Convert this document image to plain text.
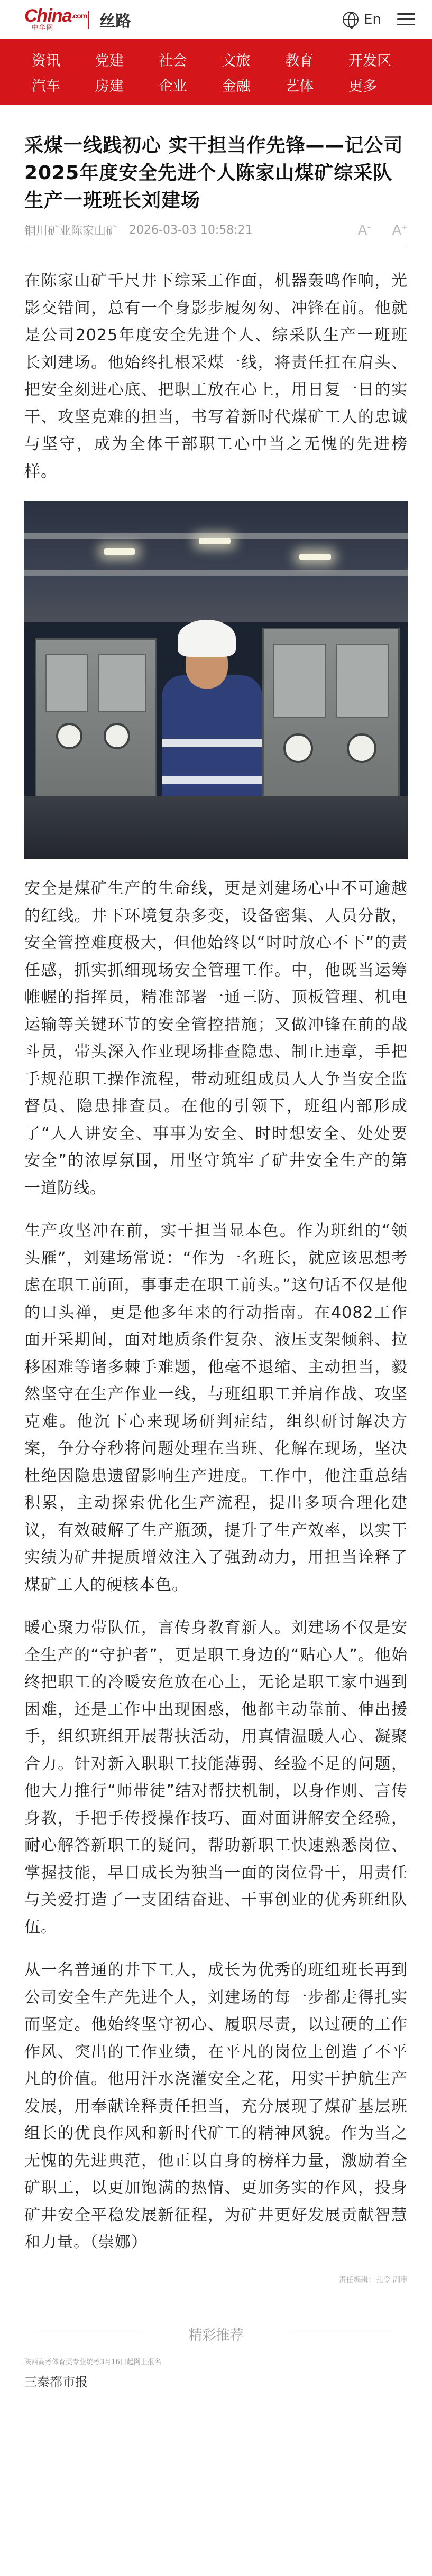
China$^{.com}$
中华网	丝路	En
资讯	党建	社会	文旅	教育	开发区
汽车	房建	企业	金融	艺体	更多
采煤一线践初心 实干担当作先锋——记公司2025年度安全先进个人陈家山煤矿综采队生产一班班长刘建场
铜川矿业陈家山矿 2026-03-03 10:58:21	A– A+

在陈家山矿千尺井下综采工作面，机器轰鸣作响，光影交错间，总有一个身影步履匆匆、冲锋在前。他就是公司2025年度安全先进个人、综采队生产一班班长刘建场。他始终扎根采煤一线，将责任扛在肩头、把安全刻进心底、把职工放在心上，用日复一日的实干、攻坚克难的担当，书写着新时代煤矿工人的忠诚与坚守，成为全体干部职工心中当之无愧的先进榜样。

安全是煤矿生产的生命线，更是刘建场心中不可逾越的红线。井下环境复杂多变，设备密集、人员分散，安全管控难度极大，但他始终以“时时放心不下”的责任感，抓实抓细现场安全管理工作。中，他既当运筹帷幄的指挥员，精准部署一通三防、顶板管理、机电运输等关键环节的安全管控措施；又做冲锋在前的战斗员，带头深入作业现场排查隐患、制止违章，手把手规范职工操作流程，带动班组成员人人争当安全监督员、隐患排查员。在他的引领下，班组内部形成了“人人讲安全、事事为安全、时时想安全、处处要安全”的浓厚氛围，用坚守筑牢了矿井安全生产的第一道防线。

生产攻坚冲在前，实干担当显本色。作为班组的“领头雁”，刘建场常说：“作为一名班长，就应该思想考虑在职工前面，事事走在职工前头。”这句话不仅是他的口头禅，更是他多年来的行动指南。在4082工作面开采期间，面对地质条件复杂、液压支架倾斜、拉移困难等诸多棘手难题，他毫不退缩、主动担当，毅然坚守在生产作业一线，与班组职工并肩作战、攻坚克难。他沉下心来现场研判症结，组织研讨解决方案，争分夺秒将问题处理在当班、化解在现场，坚决杜绝因隐患遗留影响生产进度。工作中，他注重总结积累，主动探索优化生产流程，提出多项合理化建议，有效破解了生产瓶颈，提升了生产效率，以实干实绩为矿井提质增效注入了强劲动力，用担当诠释了煤矿工人的硬核本色。

暖心聚力带队伍，言传身教育新人。刘建场不仅是安全生产的“守护者”，更是职工身边的“贴心人”。他始终把职工的冷暖安危放在心上，无论是职工家中遇到困难，还是工作中出现困惑，他都主动靠前、伸出援手，组织班组开展帮扶活动，用真情温暖人心、凝聚合力。针对新入职职工技能薄弱、经验不足的问题，他大力推行“师带徒”结对帮扶机制，以身作则、言传身教，手把手传授操作技巧、面对面讲解安全经验，耐心解答新职工的疑问，帮助新职工快速熟悉岗位、掌握技能，早日成长为独当一面的岗位骨干，用责任与关爱打造了一支团结奋进、干事创业的优秀班组队伍。

从一名普通的井下工人，成长为优秀的班组班长再到公司安全生产先进个人，刘建场的每一步都走得扎实而坚定。他始终坚守初心、履职尽责，以过硬的工作作风、突出的工作业绩，在平凡的岗位上创造了不平凡的价值。他用汗水浇灌安全之花，用实干护航生产发展，用奉献诠释责任担当，充分展现了煤矿基层班组长的优良作风和新时代矿工的精神风貌。作为当之无愧的先进典范，他正以自身的榜样力量，激励着全矿职工，以更加饱满的热情、更加务实的作风，投身矿井安全平稳发展新征程，为矿井更好发展贡献智慧和力量。（崇娜）

责任编辑：孔令 副审
精彩推荐
陕西高考体育类专业统考3月16日起网上报名
三秦都市报
